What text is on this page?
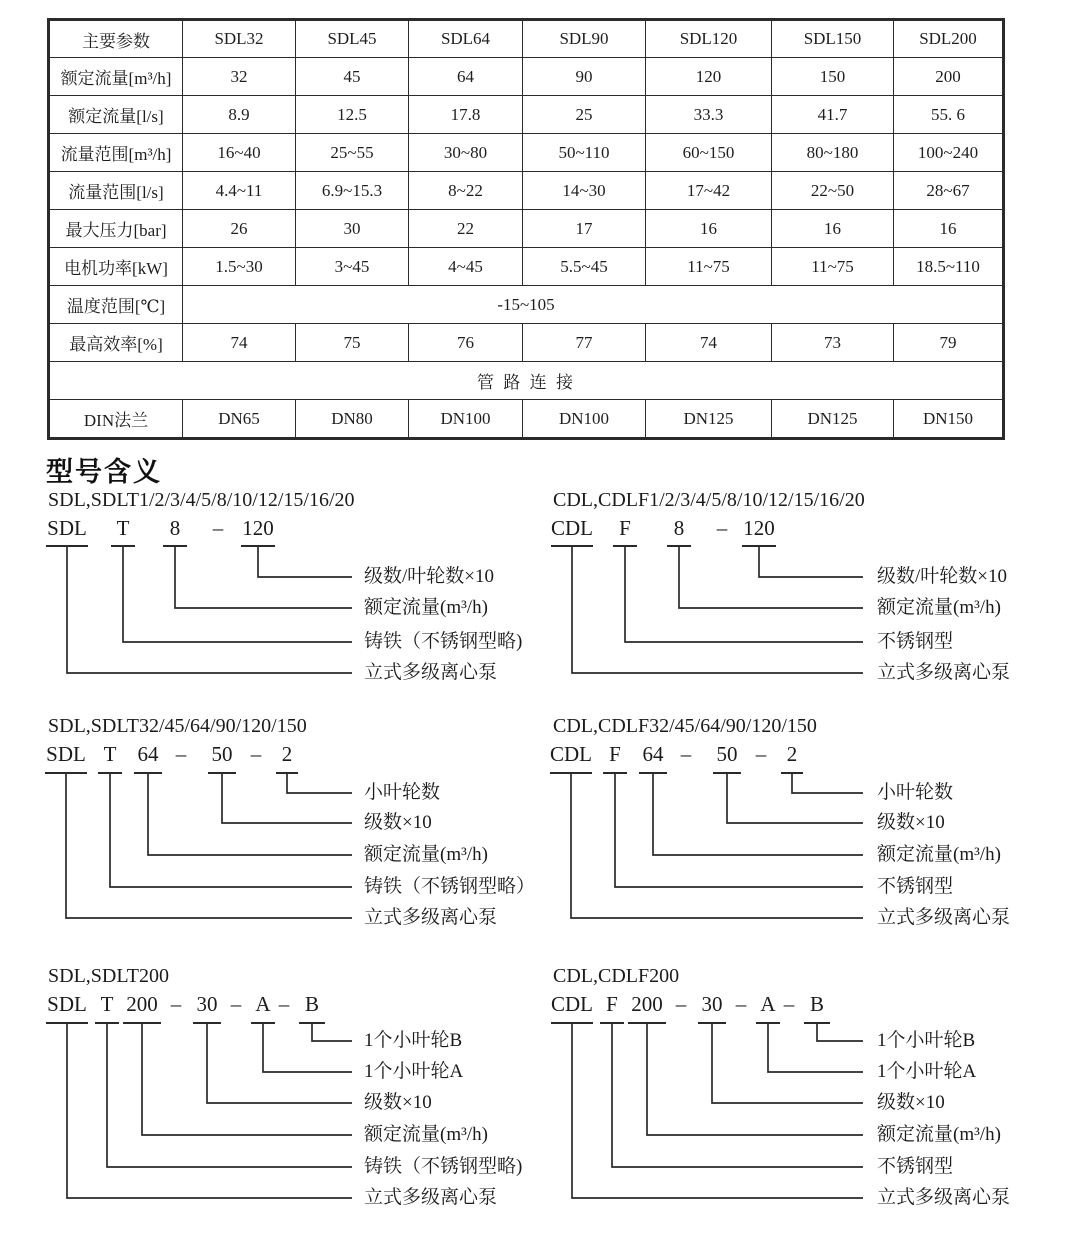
主要参数	SDL32	SDL45	SDL64	SDL90	SDL120	SDL150	SDL200
额定流量[m³/h]	32	45	64	90	120	150	200
额定流量[l/s]	8.9	12.5	17.8	25	33.3	41.7	55. 6
流量范围[m³/h]	16~40	25~55	30~80	50~110	60~150	80~180	100~240
流量范围[l/s]	4.4~11	6.9~15.3	8~22	14~30	17~42	22~50	28~67
最大压力[bar]	26	30	22	17	16	16	16
电机功率[kW]	1.5~30	3~45	4~45	5.5~45	11~75	11~75	18.5~110
温度范围[℃]	-15~105						
最高效率[%]	74	75	76	77	74	73	79
管路连接							
DIN法兰	DN65	DN80	DN100	DN100	DN125	DN125	DN150
型号含义
SDL,SDLT1/2/3/4/5/8/10/12/15/16/20
SDL	T	8	– 120
级数/叶轮数×10
额定流量(m³/h)
铸铁（不锈钢型略)
立式多级离心泵
CDL,CDLF1/2/3/4/5/8/10/12/15/16/20
CDL	F	8	– 120
级数/叶轮数×10
额定流量(m³/h)
不锈钢型
立式多级离心泵
SDL,SDLT32/45/64/90/120/150
SDL T	64 –	50 – 2
小叶轮数
级数×10
额定流量(m³/h)
铸铁（不锈钢型略）
立式多级离心泵
CDL,CDLF32/45/64/90/120/150
CDL F	64 –	50 – 2
小叶轮数
级数×10
额定流量(m³/h)
不锈钢型
立式多级离心泵
SDL,SDLT200
SDL T 200 – 30 – A – B
1个小叶轮B
1个小叶轮A
级数×10
额定流量(m³/h)
铸铁（不锈钢型略)
立式多级离心泵
CDL,CDLF200
CDL F 200 – 30 – A – B
1个小叶轮B
1个小叶轮A
级数×10
额定流量(m³/h)
不锈钢型
立式多级离心泵
